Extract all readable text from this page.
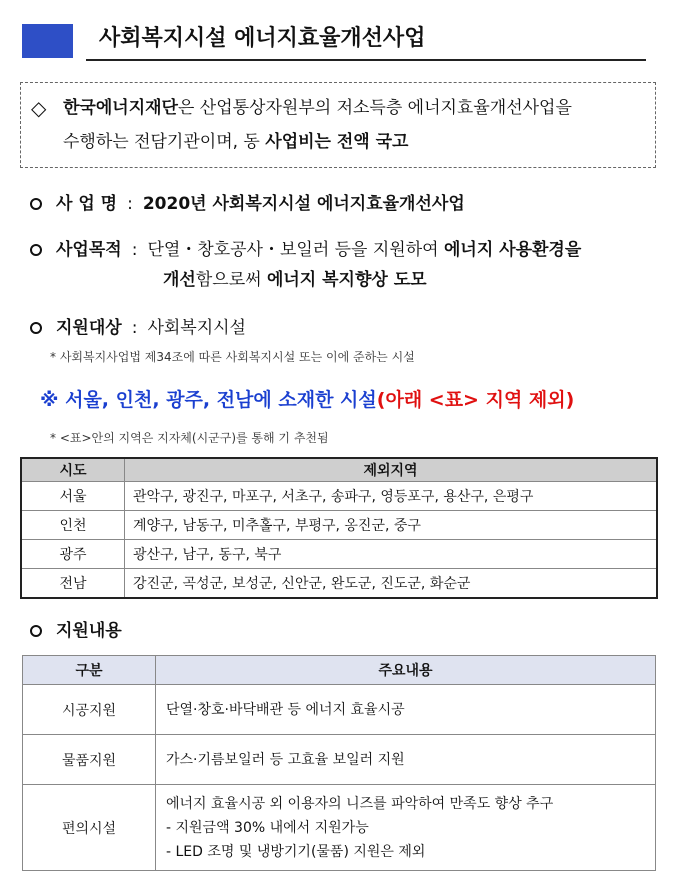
사회복지시설 에너지효율개선사업
◇ 한국에너지재단은 산업통상자원부의 저소득층 에너지효율개선사업을
수행하는 전담기관이며, 동 사업비는 전액 국고
사 업 명 : 2020년 사회복지시설 에너지효율개선사업
사업목적 : 단열・창호공사・보일러 등을 지원하여 에너지 사용환경을
개선함으로써 에너지 복지향상 도모
지원대상 : 사회복지시설
* 사회복지사업법 제34조에 따른 사회복지시설 또는 이에 준하는 시설
※ 서울, 인천, 광주, 전남에 소재한 시설(아래 <표> 지역 제외)
* <표>안의 지역은 지자체(시군구)를 통해 기 추천됨
시도	제외지역
서울	관악구, 광진구, 마포구, 서초구, 송파구, 영등포구, 용산구, 은평구
인천	계양구, 남동구, 미추홀구, 부평구, 옹진군, 중구
광주	광산구, 남구, 동구, 북구
전남	강진군, 곡성군, 보성군, 신안군, 완도군, 진도군, 화순군
지원내용
구분	주요내용
시공지원	단열·창호·바닥배관 등 에너지 효율시공

물품지원	가스·기름보일러 등 고효율 보일러 지원

편의시설	에너지 효율시공 외 이용자의 니즈를 파악하여 만족도 향상 추구
- 지원금액 30% 내에서 지원가능
- LED 조명 및 냉방기기(물품) 지원은 제외
